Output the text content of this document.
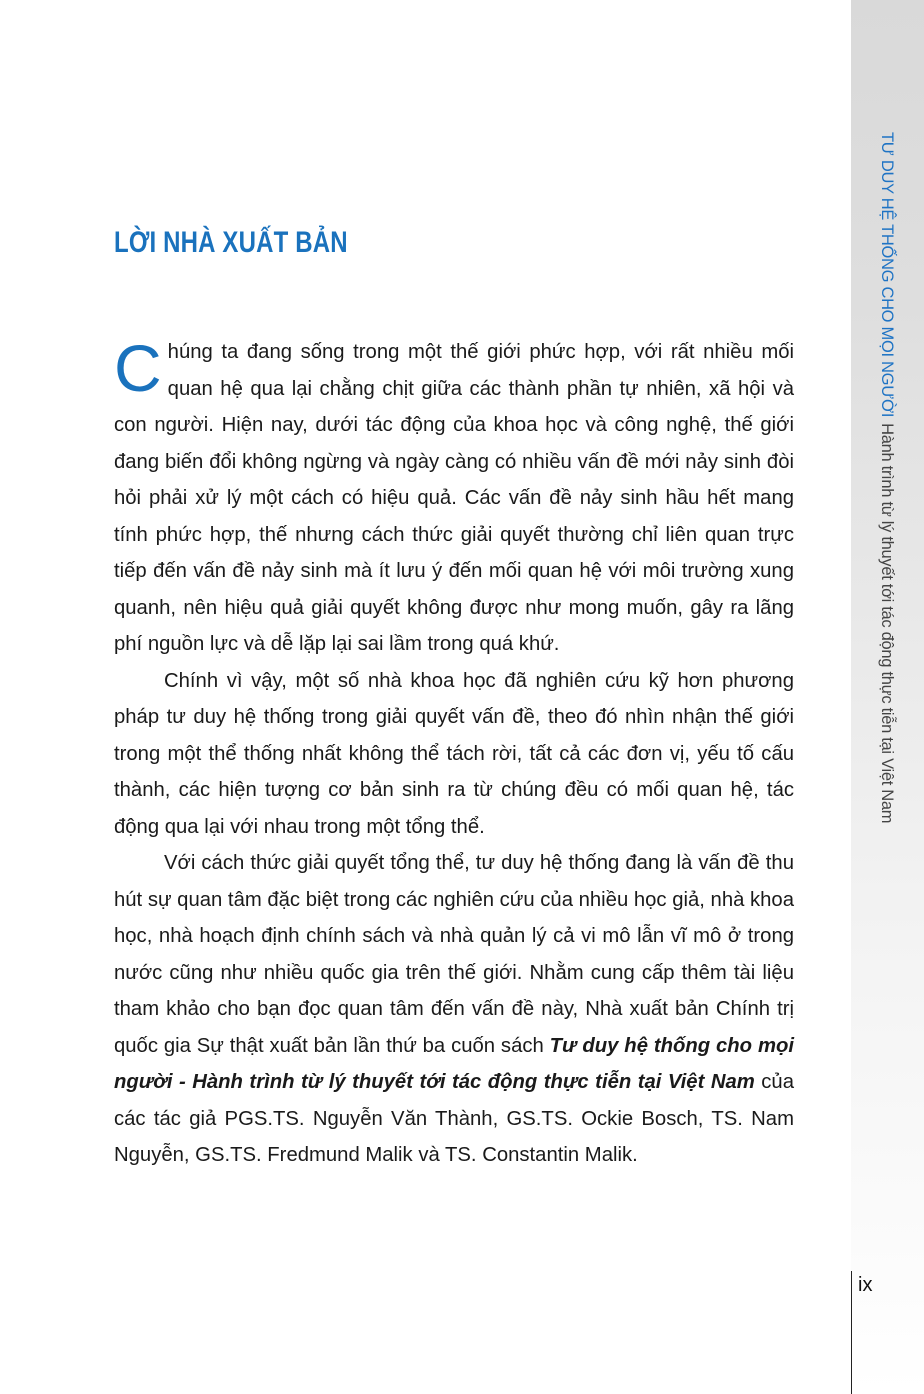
TƯ DUY HỆ THỐNG CHO MỌI NGƯỜIHành trình từ lý thuyết tới tác động thực tiễn tại Việt Nam
ix
LỜI NHÀ XUẤT BẢN

Chúng ta đang sống trong một thế giới phức hợp, với rất nhiều mối quan hệ qua lại chằng chịt giữa các thành phần tự nhiên, xã hội và con người. Hiện nay, dưới tác động của khoa học và công nghệ, thế giới đang biến đổi không ngừng và ngày càng có nhiều vấn đề mới nảy sinh đòi hỏi phải xử lý một cách có hiệu quả. Các vấn đề nảy sinh hầu hết mang tính phức hợp, thế nhưng cách thức giải quyết thường chỉ liên quan trực tiếp đến vấn đề nảy sinh mà ít lưu ý đến mối quan hệ với môi trường xung quanh, nên hiệu quả giải quyết không được như mong muốn, gây ra lãng phí nguồn lực và dễ lặp lại sai lầm trong quá khứ.

Chính vì vậy, một số nhà khoa học đã nghiên cứu kỹ hơn phương pháp tư duy hệ thống trong giải quyết vấn đề, theo đó nhìn nhận thế giới trong một thể thống nhất không thể tách rời, tất cả các đơn vị, yếu tố cấu thành, các hiện tượng cơ bản sinh ra từ chúng đều có mối quan hệ, tác động qua lại với nhau trong một tổng thể.

Với cách thức giải quyết tổng thể, tư duy hệ thống đang là vấn đề thu hút sự quan tâm đặc biệt trong các nghiên cứu của nhiều học giả, nhà khoa học, nhà hoạch định chính sách và nhà quản lý cả vi mô lẫn vĩ mô ở trong nước cũng như nhiều quốc gia trên thế giới. Nhằm cung cấp thêm tài liệu tham khảo cho bạn đọc quan tâm đến vấn đề này, Nhà xuất bản Chính trị quốc gia Sự thật xuất bản lần thứ ba cuốn sách Tư duy hệ thống cho mọi người - Hành trình từ lý thuyết tới tác động thực tiễn tại Việt Nam của các tác giả PGS.TS. Nguyễn Văn Thành, GS.TS. Ockie Bosch, TS. Nam Nguyễn, GS.TS. Fredmund Malik và TS. Constantin Malik.
